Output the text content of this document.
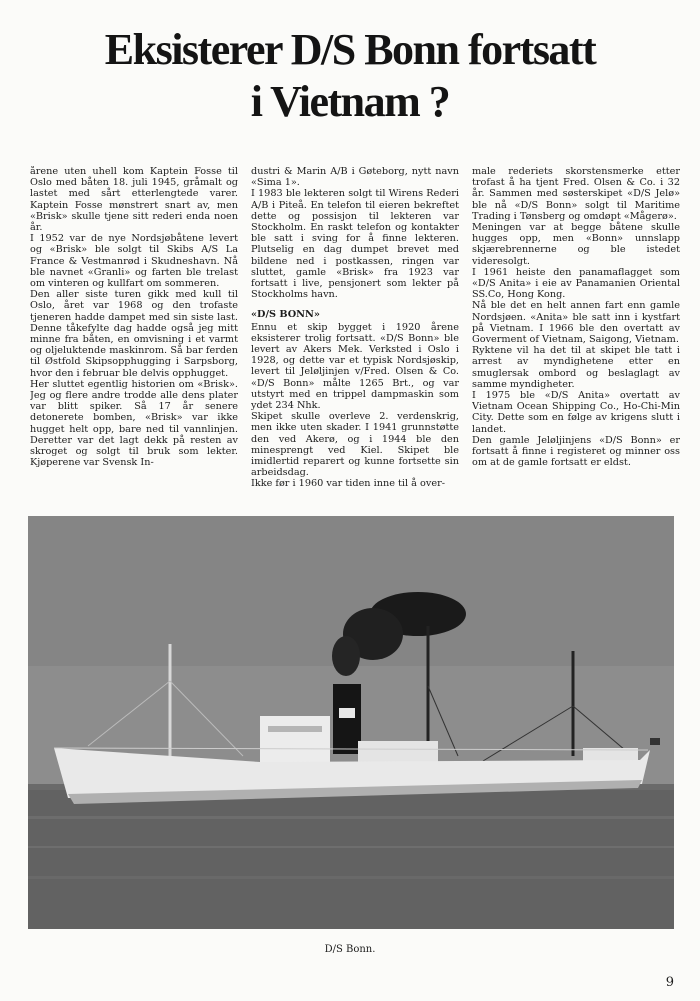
Eksisterer D/S Bonn fortsatt
i Vietnam ?

årene uten uhell kom Kaptein Fosse til Oslo med båten 18. juli 1945, gråmalt og lastet med sårt etterlengtede varer. Kaptein Fosse mønstrert snart av, men «Brisk» skulle tjene sitt rederi enda noen år.

I 1952 var de nye Nordsjøbåtene levert og «Brisk» ble solgt til Skibs A/S La France & Vestmanrød i Skudneshavn. Nå ble navnet «Granli» og farten ble trelast om vinteren og kullfart om sommeren.

Den aller siste turen gikk med kull til Oslo, året var 1968 og den trofaste tjeneren hadde dampet med sin siste last. Denne tåkefylte dag hadde også jeg mitt minne fra båten, en omvisning i et varmt og oljeluktende maskinrom. Så bar ferden til Østfold Skipsopphugging i Sarpsborg, hvor den i februar ble delvis opphugget.

Her sluttet egentlig historien om «Brisk». Jeg og flere andre trodde alle dens plater var blitt spiker. Så 17 år senere detonerete bomben, «Brisk» var ikke hugget helt opp, bare ned til vannlinjen. Deretter var det lagt dekk på resten av skroget og solgt til bruk som lekter. Kjøperene var Svensk In-

dustri & Marin A/B i Gøteborg, nytt navn «Sima 1».

I 1983 ble lekteren solgt til Wirens Rederi A/B i Piteå. En telefon til eieren bekreftet dette og possisjon til lekteren var Stockholm. En raskt telefon og kontakter ble satt i sving for å finne lekteren. Plutselig en dag dumpet brevet med bildene ned i postkassen, ringen var sluttet, gamle «Brisk» fra 1923 var fortsatt i live, pensjonert som lekter på Stockholms havn.

«D/S BONN»

Ennu et skip bygget i 1920 årene eksisterer trolig fortsatt. «D/S Bonn» ble levert av Akers Mek. Verksted i Oslo i 1928, og dette var et typisk Nordsjøskip, levert til Jeløljinjen v/Fred. Olsen & Co. «D/S Bonn» målte 1265 Brt., og var utstyrt med en trippel dampmaskin som ydet 234 Nhk.

Skipet skulle overleve 2. verdenskrig, men ikke uten skader. I 1941 grunnstøtte den ved Akerø, og i 1944 ble den minesprengt ved Kiel. Skipet ble imidlertid reparert og kunne fortsette sin arbeidsdag.

Ikke før i 1960 var tiden inne til å over-

male rederiets skorstensmerke etter trofast å ha tjent Fred. Olsen & Co. i 32 år. Sammen med søsterskipet «D/S Jelø» ble nå «D/S Bonn» solgt til Maritime Trading i Tønsberg og omdøpt «Mågerø».

Meningen var at begge båtene skulle hugges opp, men «Bonn» unnslapp skjærebrennerne og ble istedet videresolgt.

I 1961 heiste den panamaflagget som «D/S Anita» i eie av Panamanien Oriental SS.Co, Hong Kong.

Nå ble det en helt annen fart enn gamle Nordsjøen. «Anita» ble satt inn i kystfart på Vietnam. I 1966 ble den overtatt av Goverment of Vietnam, Saigong, Vietnam.

Ryktene vil ha det til at skipet ble tatt i arrest av myndighetene etter en smuglersak ombord og beslaglagt av samme myndigheter.

I 1975 ble «D/S Anita» overtatt av Vietnam Ocean Shipping Co., Ho-Chi-Min City. Dette som en følge av krigens slutt i landet.

Den gamle Jeløljinjens «D/S Bonn» er fortsatt å finne i registeret og minner oss om at de gamle fortsatt er eldst.

D/S Bonn.
9
